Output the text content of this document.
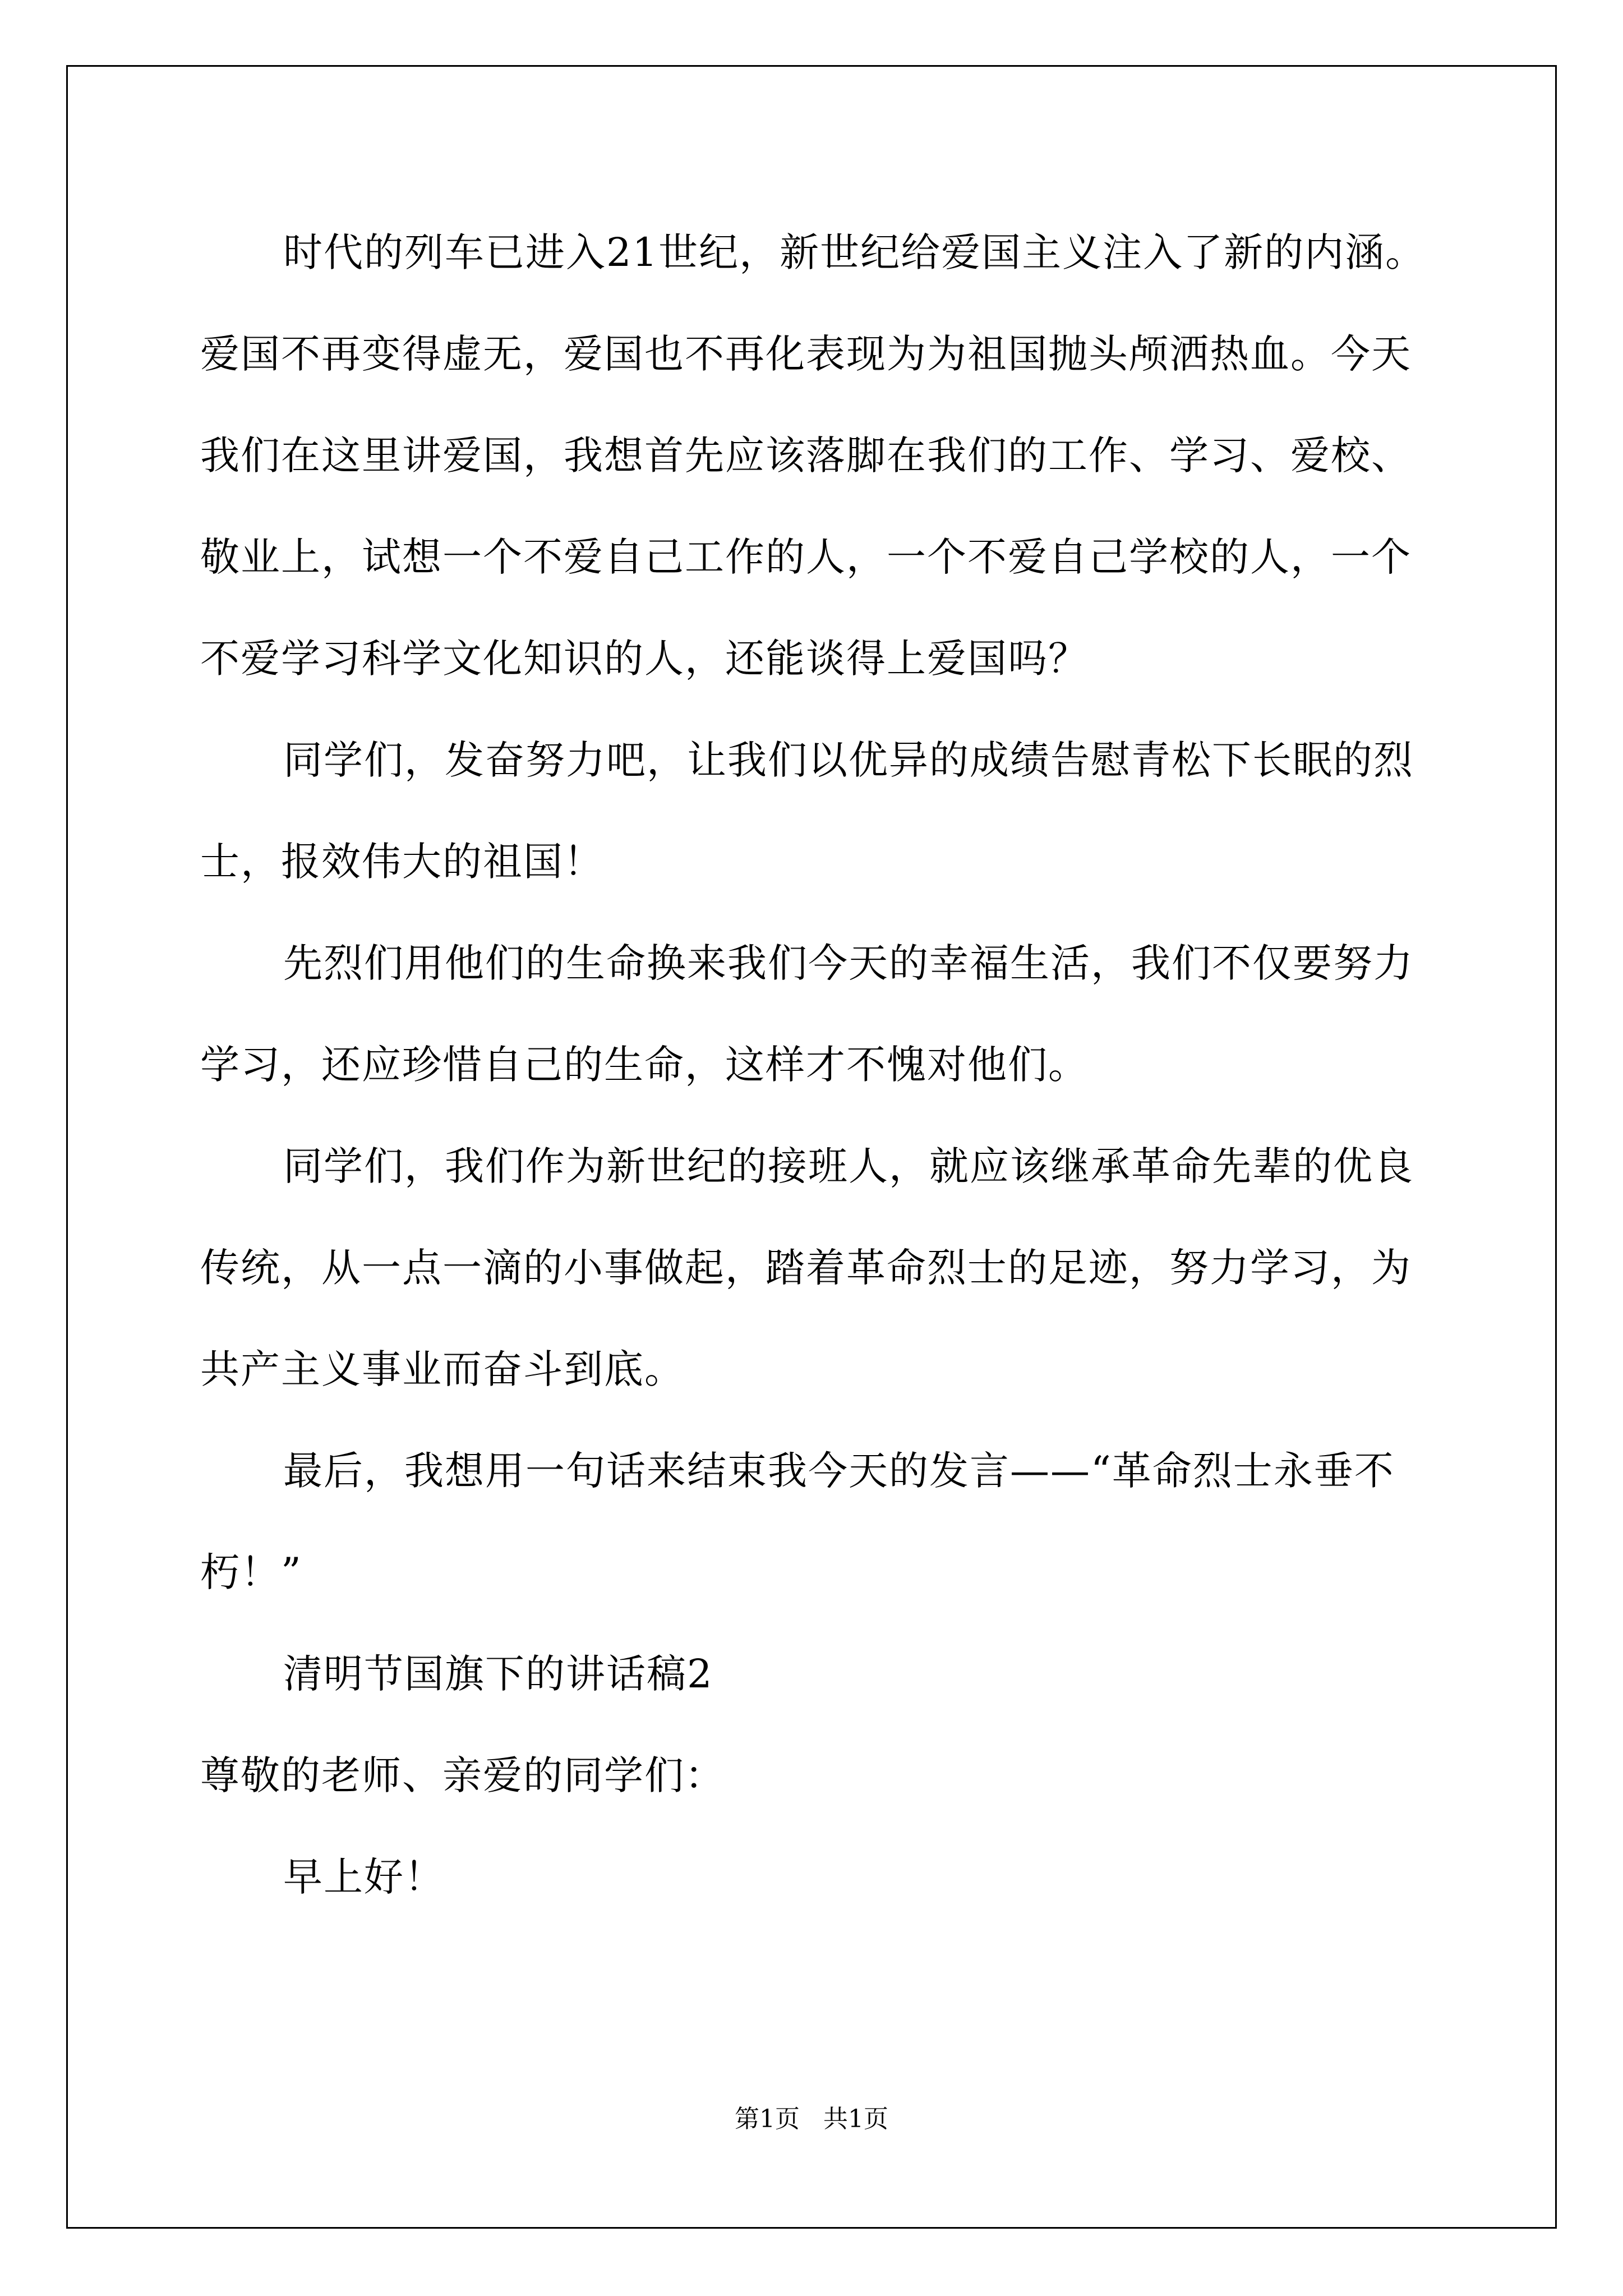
时代的列车已进入21世纪，新世纪给爱国主义注入了新的内涵。
爱国不再变得虚无，爱国也不再化表现为为祖国抛头颅洒热血。今天
我们在这里讲爱国，我想首先应该落脚在我们的工作、学习、爱校、
敬业上，试想一个不爱自己工作的人，一个不爱自己学校的人，一个
不爱学习科学文化知识的人，还能谈得上爱国吗？
同学们，发奋努力吧，让我们以优异的成绩告慰青松下长眠的烈
士，报效伟大的祖国！
先烈们用他们的生命换来我们今天的幸福生活，我们不仅要努力
学习，还应珍惜自己的生命，这样才不愧对他们。
同学们，我们作为新世纪的接班人，就应该继承革命先辈的优良
传统，从一点一滴的小事做起，踏着革命烈士的足迹，努力学习，为
共产主义事业而奋斗到底。
最后，我想用一句话来结束我今天的发言——“革命烈士永垂不
朽！”
清明节国旗下的讲话稿2
尊敬的老师、亲爱的同学们：
早上好！
第1页   共1页
